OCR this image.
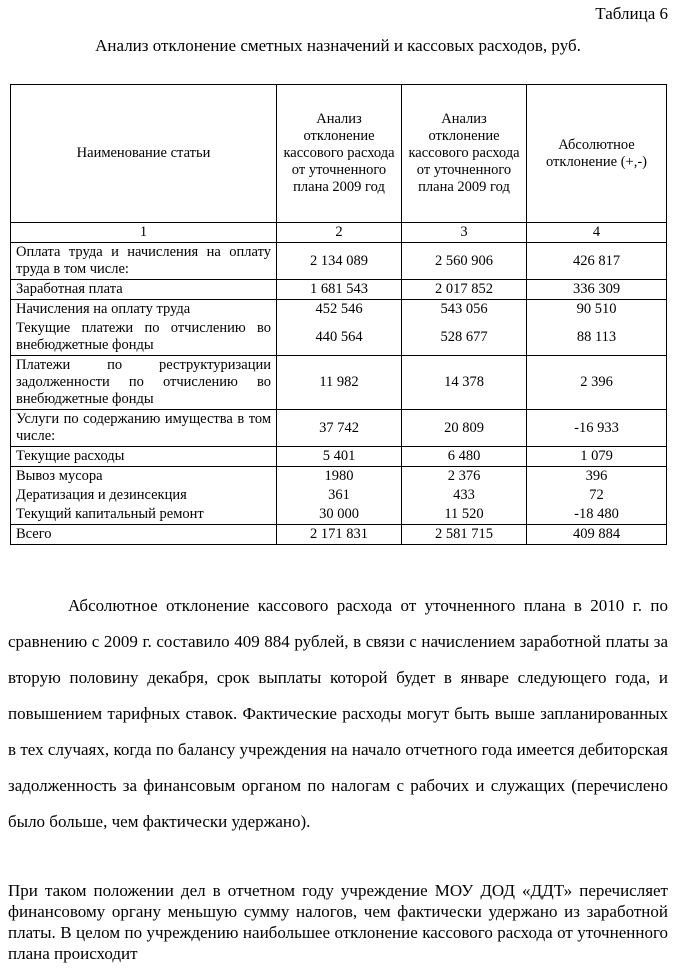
Таблица 6
Анализ отклонение сметных назначений и кассовых расходов, руб.
Наименование статьи	Анализ отклонение кассового расхода от уточненного плана 2009 год	Анализ отклонение кассового расхода от уточненного плана 2009 год	Абсолютное отклонение (+,-)
1	2	3	4
Оплата труда и начисления на оплату труда в том числе:	2 134 089	2 560 906	426 817
Заработная плата	1 681 543	2 017 852	336 309
Начисления на оплату труда	452 546	543 056	90 510
Текущие платежи по отчислению во внебюджетные фонды	440 564	528 677	88 113
Платежи по реструктуризации задолженности по отчислению во внебюджетные фонды	11 982	14 378	2 396
Услуги по содержанию имущества в том числе:	37 742	20 809	-16 933
Текущие расходы	5 401	6 480	1 079
Вывоз мусора	1980	2 376	396
Дератизация и дезинсекция	361	433	72
Текущий капитальный ремонт	30 000	11 520	-18 480
Всего	2 171 831	2 581 715	409 884
Абсолютное отклонение кассового расхода от уточненного плана в 2010 г. по сравнению с 2009 г. составило 409 884 рублей, в связи с начислением заработной платы за вторую половину декабря, срок выплаты которой будет в январе следующего года, и повышением тарифных ставок. Фактические расходы могут быть выше запланированных в тех случаях, когда по балансу учреждения на начало отчетного года имеется дебиторская задолженность за финансовым органом по налогам с рабочих и служащих (перечислено было больше, чем фактически удержано).
При таком положении дел в отчетном году учреждение МОУ ДОД «ДДТ» перечисляет финансовому органу меньшую сумму налогов, чем фактически удержано из заработной платы. В целом по учреждению наибольшее отклонение кассового расхода от уточненного плана происходит
